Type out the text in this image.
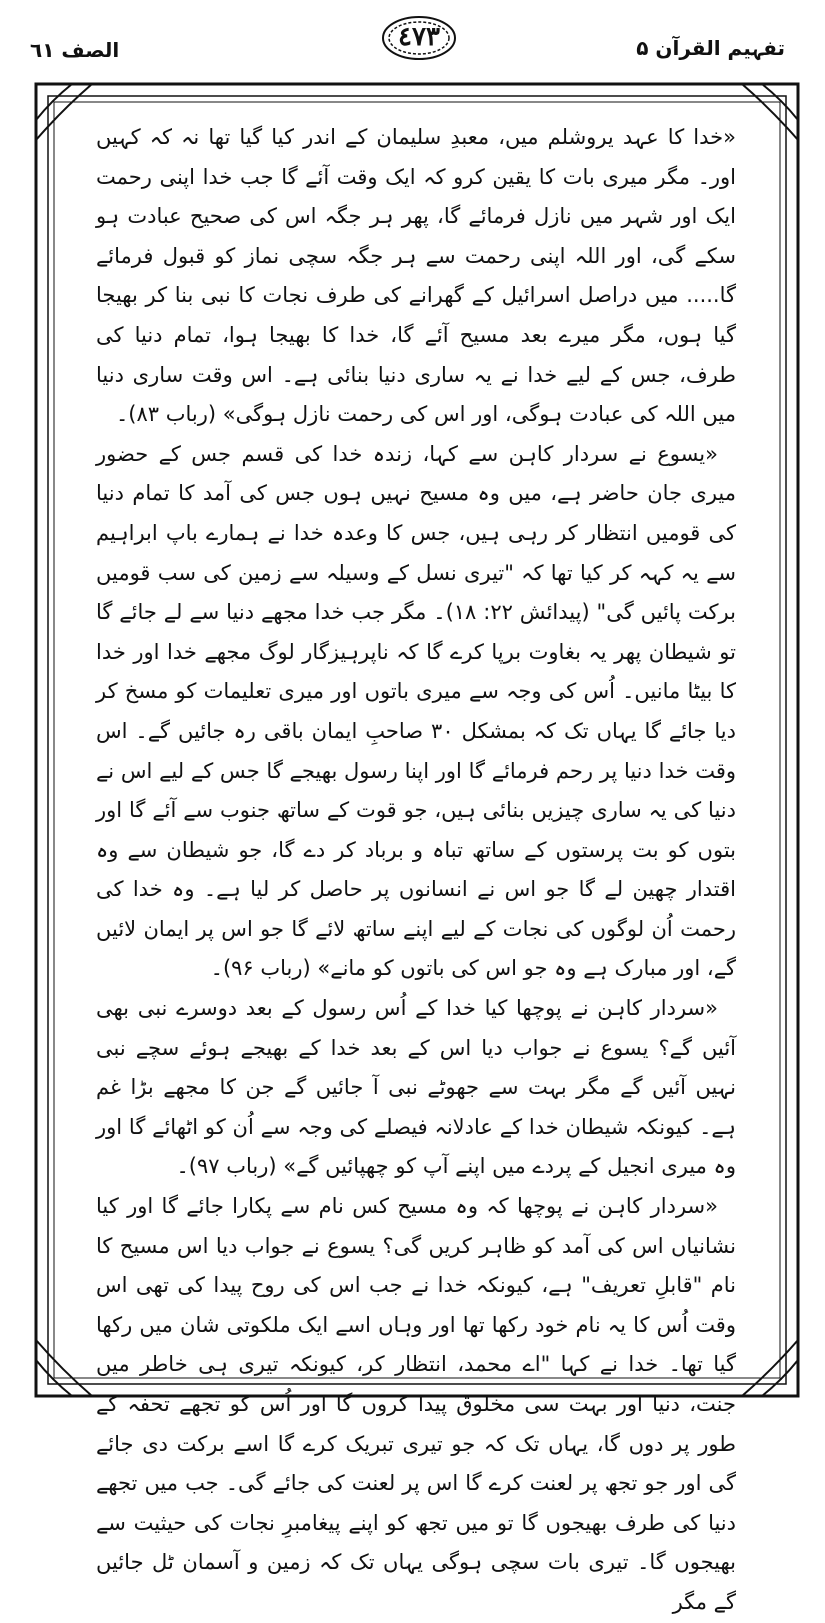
الصف ٦١	٤٧٣	تفہیم القرآن ۵

«خدا کا عہد یروشلم میں، معبدِ سلیمان کے اندر کیا گیا تھا نہ کہ کہیں اور۔ مگر میری بات کا یقین کرو کہ ایک وقت آئے گا جب خدا اپنی رحمت ایک اور شہر میں نازل فرمائے گا، پھر ہر جگہ اس کی صحیح عبادت ہو سکے گی، اور اللہ اپنی رحمت سے ہر جگہ سچی نماز کو قبول فرمائے گا..... میں دراصل اسرائیل کے گھرانے کی طرف نجات کا نبی بنا کر بھیجا گیا ہوں، مگر میرے بعد مسیح آئے گا، خدا کا بھیجا ہوا، تمام دنیا کی طرف، جس کے لیے خدا نے یہ ساری دنیا بنائی ہے۔ اس وقت ساری دنیا میں اللہ کی عبادت ہوگی، اور اس کی رحمت نازل ہوگی» (رباب ۸۳)۔

«یسوع نے سردار کاہن سے کہا، زندہ خدا کی قسم جس کے حضور میری جان حاضر ہے، میں وہ مسیح نہیں ہوں جس کی آمد کا تمام دنیا کی قومیں انتظار کر رہی ہیں، جس کا وعدہ خدا نے ہمارے باپ ابراہیم سے یہ کہہ کر کیا تھا کہ "تیری نسل کے وسیلہ سے زمین کی سب قومیں برکت پائیں گی" (پیدائش ۲۲: ۱۸)۔ مگر جب خدا مجھے دنیا سے لے جائے گا تو شیطان پھر یہ بغاوت برپا کرے گا کہ ناپرہیزگار لوگ مجھے خدا اور خدا کا بیٹا مانیں۔ اُس کی وجہ سے میری باتوں اور میری تعلیمات کو مسخ کر دیا جائے گا یہاں تک کہ بمشکل ۳۰ صاحبِ ایمان باقی رہ جائیں گے۔ اس وقت خدا دنیا پر رحم فرمائے گا اور اپنا رسول بھیجے گا جس کے لیے اس نے دنیا کی یہ ساری چیزیں بنائی ہیں، جو قوت کے ساتھ جنوب سے آئے گا اور بتوں کو بت پرستوں کے ساتھ تباہ و برباد کر دے گا، جو شیطان سے وہ اقتدار چھین لے گا جو اس نے انسانوں پر حاصل کر لیا ہے۔ وہ خدا کی رحمت اُن لوگوں کی نجات کے لیے اپنے ساتھ لائے گا جو اس پر ایمان لائیں گے، اور مبارک ہے وہ جو اس کی باتوں کو مانے» (رباب ۹۶)۔

«سردار کاہن نے پوچھا کیا خدا کے اُس رسول کے بعد دوسرے نبی بھی آئیں گے؟ یسوع نے جواب دیا اس کے بعد خدا کے بھیجے ہوئے سچے نبی نہیں آئیں گے مگر بہت سے جھوٹے نبی آ جائیں گے جن کا مجھے بڑا غم ہے۔ کیونکہ شیطان خدا کے عادلانہ فیصلے کی وجہ سے اُن کو اٹھائے گا اور وہ میری انجیل کے پردے میں اپنے آپ کو چھپائیں گے» (رباب ۹۷)۔

«سردار کاہن نے پوچھا کہ وہ مسیح کس نام سے پکارا جائے گا اور کیا نشانیاں اس کی آمد کو ظاہر کریں گی؟ یسوع نے جواب دیا اس مسیح کا نام "قابلِ تعریف" ہے، کیونکہ خدا نے جب اس کی روح پیدا کی تھی اس وقت اُس کا یہ نام خود رکھا تھا اور وہاں اسے ایک ملکوتی شان میں رکھا گیا تھا۔ خدا نے کہا "اے محمد، انتظار کر، کیونکہ تیری ہی خاطر میں جنت، دنیا اور بہت سی مخلوق پیدا کروں گا اور اُس کو تجھے تحفہ کے طور پر دوں گا، یہاں تک کہ جو تیری تبریک کرے گا اسے برکت دی جائے گی اور جو تجھ پر لعنت کرے گا اس پر لعنت کی جائے گی۔ جب میں تجھے دنیا کی طرف بھیجوں گا تو میں تجھ کو اپنے پیغامبرِ نجات کی حیثیت سے بھیجوں گا۔ تیری بات سچی ہوگی یہاں تک کہ زمین و آسمان ٹل جائیں گے مگر
